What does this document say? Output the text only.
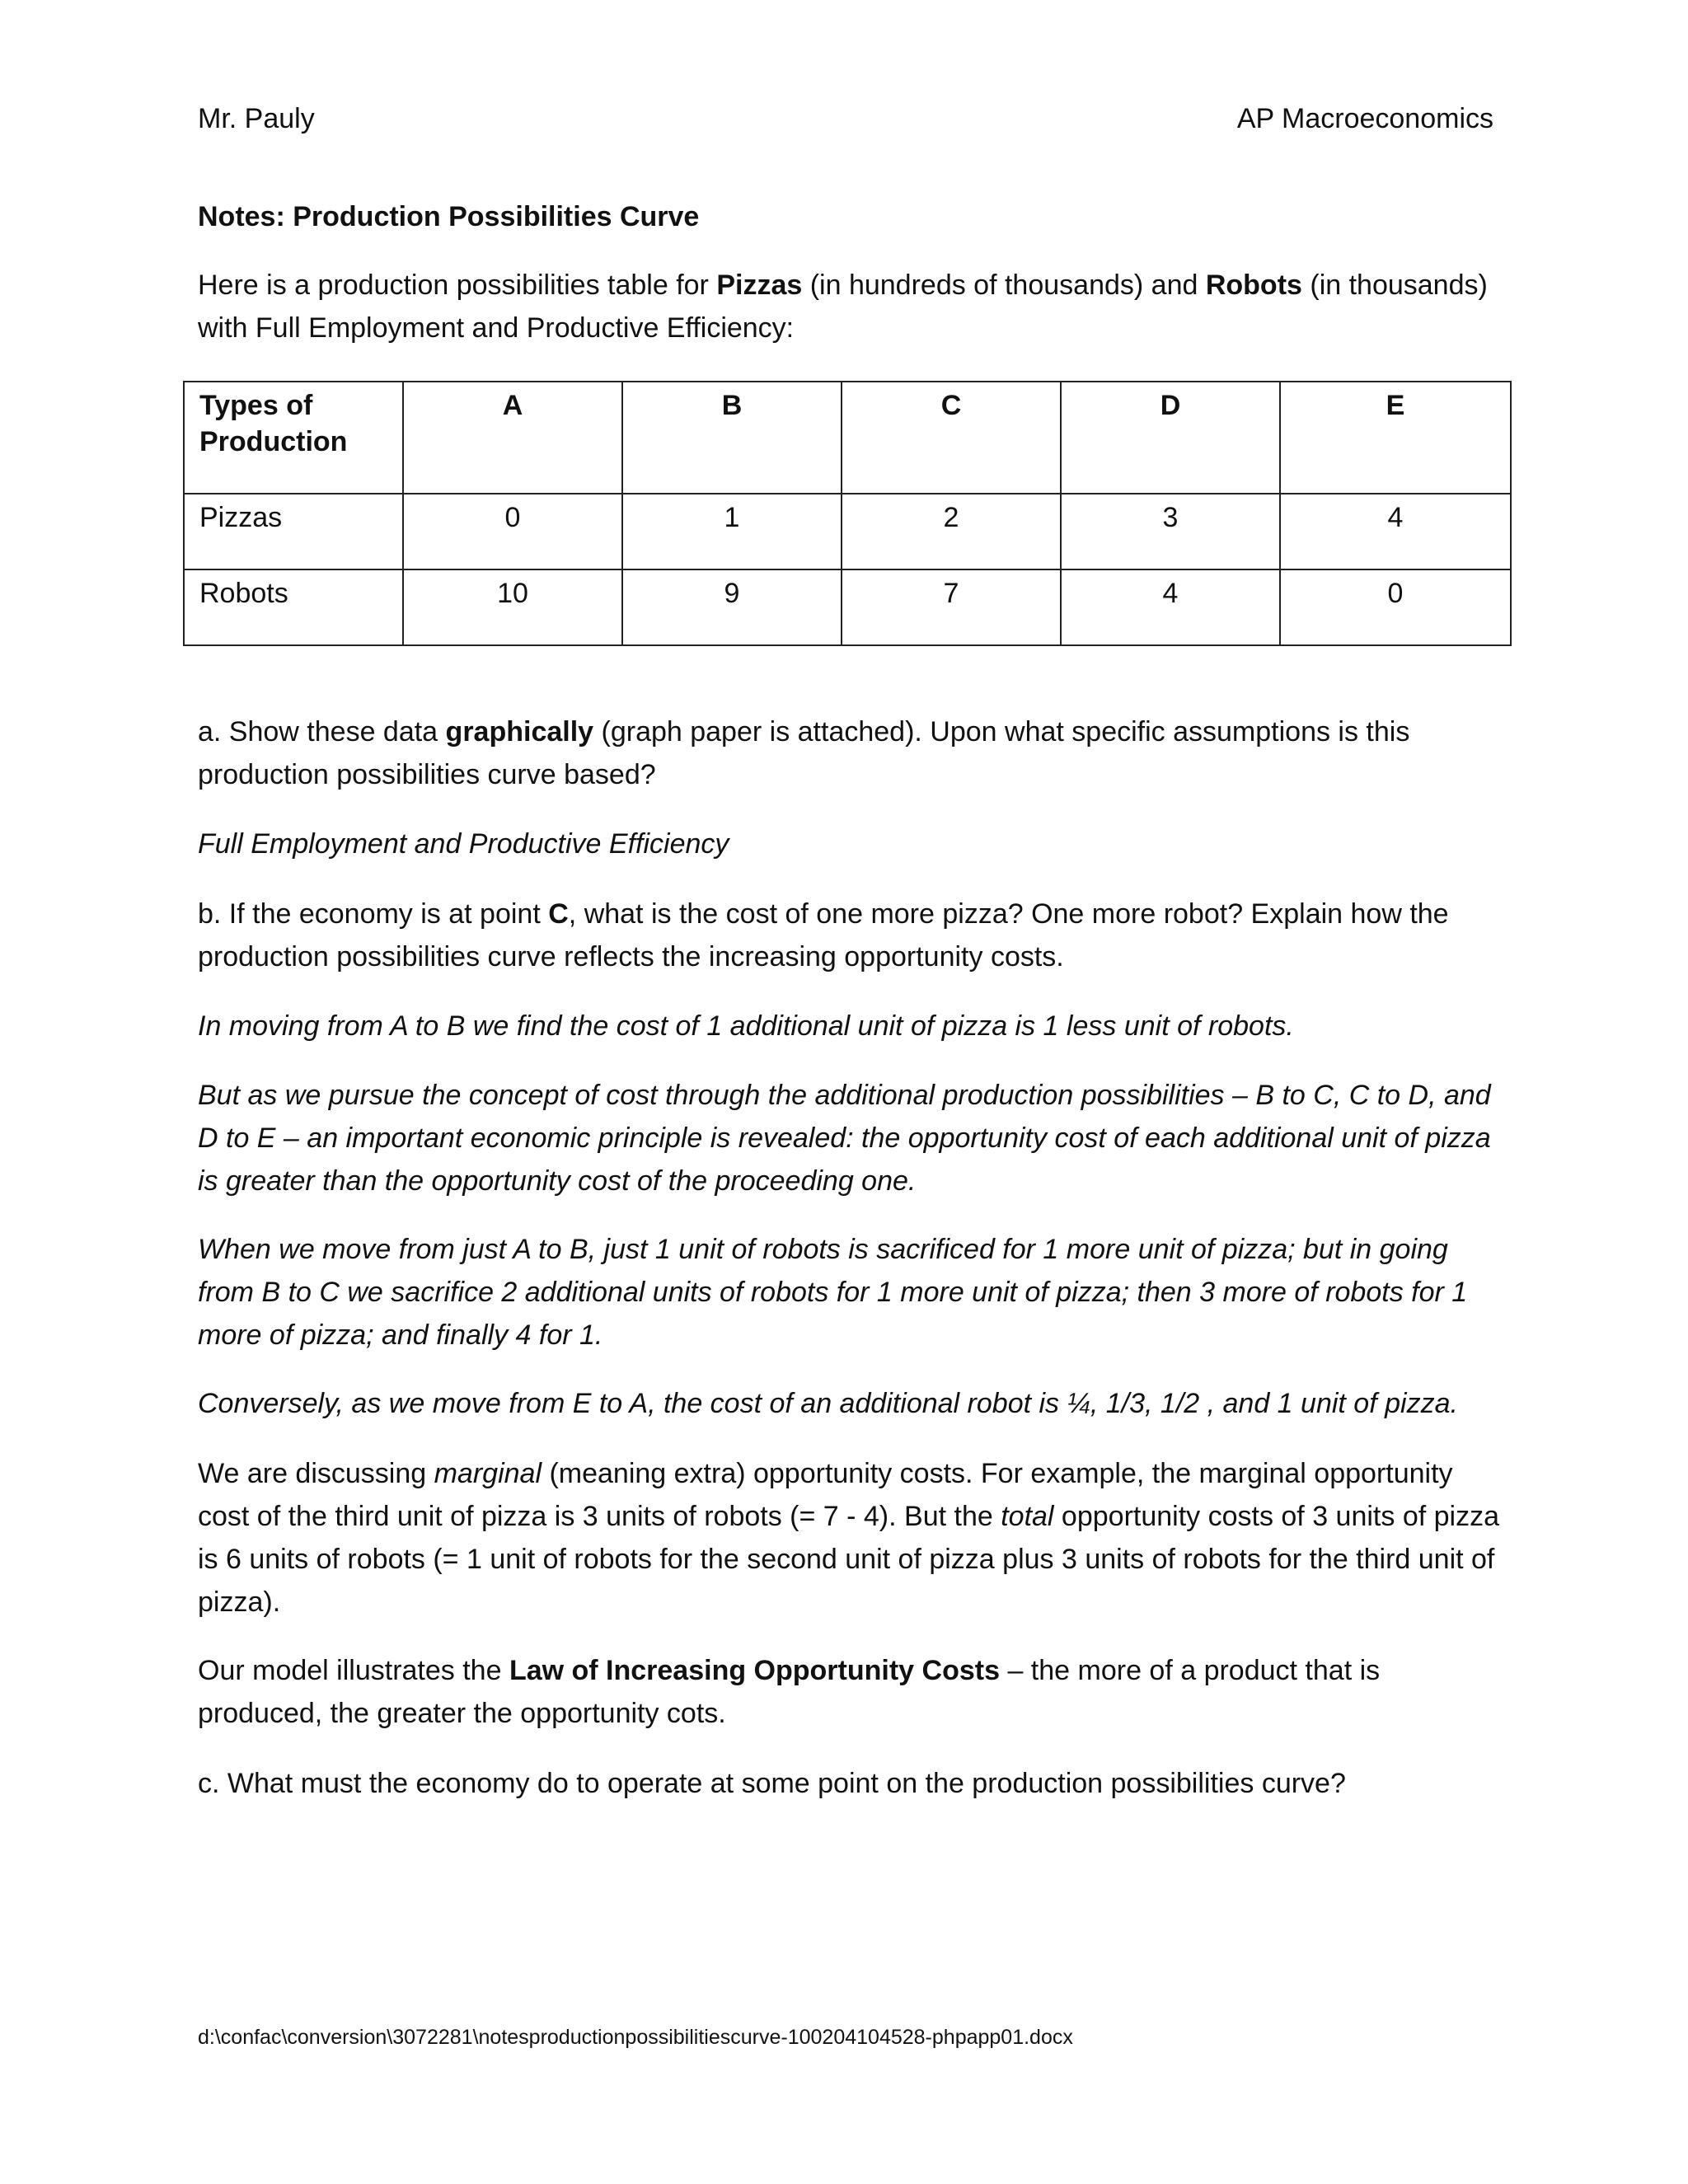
Mr. Pauly	AP Macroeconomics
Notes: Production Possibilities Curve
Here is a production possibilities table for Pizzas (in hundreds of thousands) and Robots (in thousands) with Full Employment and Productive Efficiency:
Types of Production	A	B	C	D	E
Pizzas	0	1	2	3	4
Robots	10	9	7	4	0
a. Show these data graphically (graph paper is attached). Upon what specific assumptions is this production possibilities curve based?
Full Employment and Productive Efficiency
b. If the economy is at point C, what is the cost of one more pizza? One more robot? Explain how the production possibilities curve reflects the increasing opportunity costs.
In moving from A to B we find the cost of 1 additional unit of pizza is 1 less unit of robots.
But as we pursue the concept of cost through the additional production possibilities – B to C, C to D, and D to E – an important economic principle is revealed: the opportunity cost of each additional unit of pizza is greater than the opportunity cost of the proceeding one.
When we move from just A to B, just 1 unit of robots is sacrificed for 1 more unit of pizza; but in going from B to C we sacrifice 2 additional units of robots for 1 more unit of pizza; then 3 more of robots for 1 more of pizza; and finally 4 for 1.
Conversely, as we move from E to A, the cost of an additional robot is ¼, 1/3, 1/2 , and 1 unit of pizza.
We are discussing marginal (meaning extra) opportunity costs. For example, the marginal opportunity cost of the third unit of pizza is 3 units of robots (= 7 - 4). But the total opportunity costs of 3 units of pizza is 6 units of robots (= 1 unit of robots for the second unit of pizza plus 3 units of robots for the third unit of pizza).
Our model illustrates the Law of Increasing Opportunity Costs – the more of a product that is produced, the greater the opportunity cots.
c. What must the economy do to operate at some point on the production possibilities curve?
d:\confac\conversion\3072281\notesproductionpossibilitiescurve-100204104528-phpapp01.docx
